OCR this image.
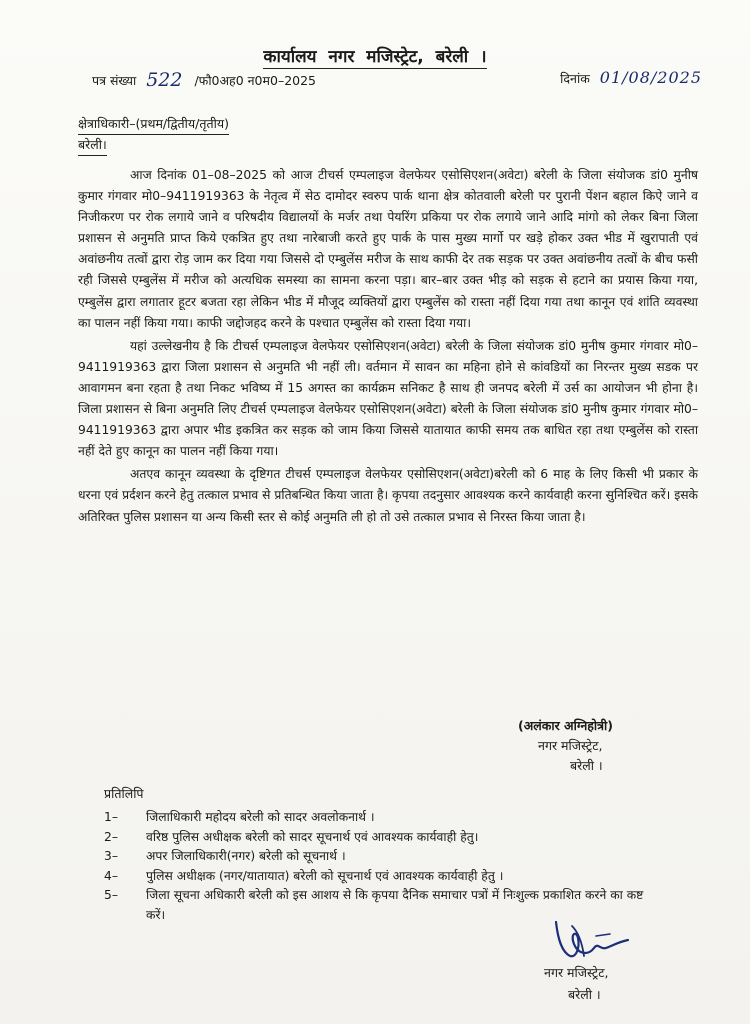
कार्यालय नगर मजिस्ट्रेट, बरेली ।
पत्र संख्या 522 /फौ0अह0 न0म0–2025	दिनांक 01/08/2025
क्षेत्राधिकारी–(प्रथम/द्वितीय/तृतीय)
बरेली।

आज दिनांक 01–08–2025 को आज टीचर्स एम्पलाइज वेलफेयर एसोसिएशन(अवेटा) बरेली के जिला संयोजक डां0 मुनीष कुमार गंगवार मो0–9411919363 के नेतृत्व में सेठ दामोदर स्वरुप पार्क थाना क्षेत्र कोतवाली बरेली पर पुरानी पेंशन बहाल किऐ जाने व निजीकरण पर रोक लगाये जाने व परिषदीय विद्यालयों के मर्जर तथा पेयरिंग प्रकिया पर रोक लगाये जाने आदि मांगो को लेकर बिना जिला प्रशासन से अनुमति प्राप्त किये एकत्रित हुए तथा नारेबाजी करते हुए पार्क के पास मुख्य मार्गो पर खड़े होकर उक्त भीड में खुरापाती एवं अवांछनीय तत्वों द्वारा रोड़ जाम कर दिया गया जिससे दो एम्बुलेंस मरीज के साथ काफी देर तक सड़क पर उक्त अवांछनीय तत्वों के बीच फसी रही जिससे एम्बुलेंस में मरीज को अत्यधिक समस्या का सामना करना पड़ा। बार–बार उक्त भीड़ को सड़क से हटाने का प्रयास किया गया, एम्बुलेंस द्वारा लगातार हूटर बजता रहा लेकिन भीड में मौजूद व्यक्तियों द्वारा एम्बुलेंस को रास्ता नहीं दिया गया तथा कानून एवं शांति व्यवस्था का पालन नहीं किया गया। काफी जद्दोजहद करने के पश्चात एम्बुलेंस को रास्ता दिया गया।

यहां उल्लेखनीय है कि टीचर्स एम्पलाइज वेलफेयर एसोसिएशन(अवेटा) बरेली के जिला संयोजक डां0 मुनीष कुमार गंगवार मो0–9411919363 द्वारा जिला प्रशासन से अनुमति भी नहीं ली। वर्तमान में सावन का महिना होने से कांवडियों का निरन्तर मुख्य सडक पर आवागमन बना रहता है तथा निकट भविष्य में 15 अगस्त का कार्यक्रम सनिकट है साथ ही जनपद बरेली में उर्स का आयोजन भी होना है। जिला प्रशासन से बिना अनुमति लिए टीचर्स एम्पलाइज वेलफेयर एसोसिएशन(अवेटा) बरेली के जिला संयोजक डां0 मुनीष कुमार गंगवार मो0–9411919363 द्वारा अपार भीड इकत्रित कर सड़क को जाम किया जिससे यातायात काफी समय तक बाधित रहा तथा एम्बुलेंस को रास्ता नहीं देते हुए कानून का पालन नहीं किया गया।

अतएव कानून व्यवस्था के दृष्टिगत टीचर्स एम्पलाइज वेलफेयर एसोसिएशन(अवेटा)बरेली को 6 माह के लिए किसी भी प्रकार के धरना एवं प्रर्दशन करने हेतु तत्काल प्रभाव से प्रतिबन्धित किया जाता है। कृपया तदनुसार आवश्यक करने कार्यवाही करना सुनिश्चित करें। इसके अतिरिक्त पुलिस प्रशासन या अन्य किसी स्तर से कोई अनुमति ली हो तो उसे तत्काल प्रभाव से निरस्त किया जाता है।

(अलंकार अग्निहोत्री)
नगर मजिस्ट्रेट,
बरेली ।
प्रतिलिपि
1–	जिलाधिकारी महोदय बरेली को सादर अवलोकनार्थ ।
2–	वरिष्ठ पुलिस अधीक्षक बरेली को सादर सूचनार्थ एवं आवश्यक कार्यवाही हेतु।
3–	अपर जिलाधिकारी(नगर) बरेली को सूचनार्थ ।
4–	पुलिस अधीक्षक (नगर/यातायात) बरेली को सूचनार्थ एवं आवश्यक कार्यवाही हेतु ।
5–	जिला सूचना अधिकारी बरेली को इस आशय से कि कृपया दैनिक समाचार पत्रों में निःशुल्क प्रकाशित करने का कष्ट करें।
नगर मजिस्ट्रेट,
बरेली ।
